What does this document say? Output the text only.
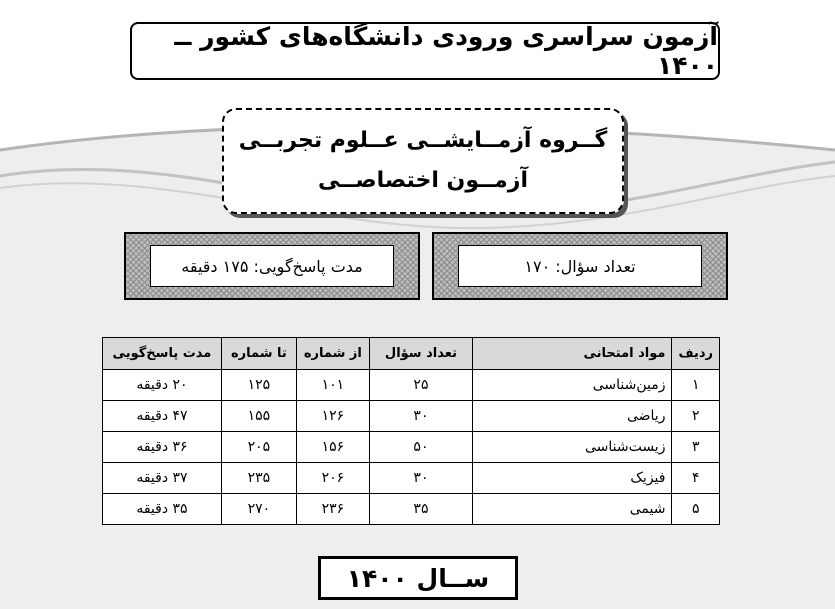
آزمون سراسری ورودی دانشگاه‌های کشور ــ ۱۴۰۰
گــروه آزمــایشــی عــلوم تجربــی
آزمــون اختصاصــی
مدت پاسخ‌گویی: ۱۷۵ دقیقه	تعداد سؤال: ۱۷۰
ردیف	مواد امتحانی	تعداد سؤال	از شماره	تا شماره	مدت پاسخ‌گویی
۱	زمین‌شناسی	۲۵	۱۰۱	۱۲۵	۲۰ دقیقه
۲	ریاضی	۳۰	۱۲۶	۱۵۵	۴۷ دقیقه
۳	زیست‌شناسی	۵۰	۱۵۶	۲۰۵	۳۶ دقیقه
۴	فیزیک	۳۰	۲۰۶	۲۳۵	۳۷ دقیقه
۵	شیمی	۳۵	۲۳۶	۲۷۰	۳۵ دقیقه
ســال ۱۴۰۰
